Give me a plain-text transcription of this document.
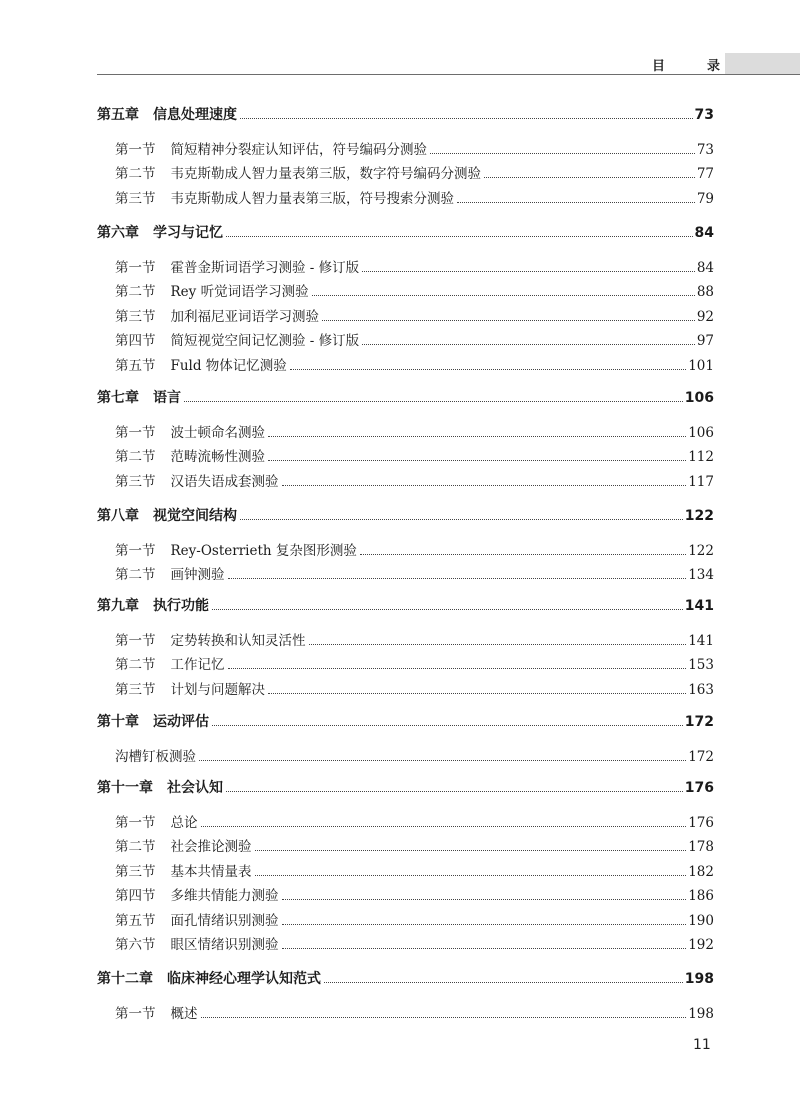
目	录
第五章 信息处理速度	73
第一节 简短精神分裂症认知评估，符号编码分测验	73
第二节 韦克斯勒成人智力量表第三版，数字符号编码分测验	77
第三节 韦克斯勒成人智力量表第三版，符号搜索分测验	79
第六章 学习与记忆	84
第一节 霍普金斯词语学习测验 - 修订版	84
第二节 Rey 听觉词语学习测验	88
第三节 加利福尼亚词语学习测验	92
第四节 简短视觉空间记忆测验 - 修订版	97
第五节 Fuld 物体记忆测验	101
第七章 语言	106
第一节 波士顿命名测验	106
第二节 范畴流畅性测验	112
第三节 汉语失语成套测验	117
第八章 视觉空间结构	122
第一节 Rey-Osterrieth 复杂图形测验	122
第二节 画钟测验	134
第九章 执行功能	141
第一节 定势转换和认知灵活性	141
第二节 工作记忆	153
第三节 计划与问题解决	163
第十章 运动评估	172
沟槽钉板测验	172
第十一章 社会认知	176
第一节 总论	176
第二节 社会推论测验	178
第三节 基本共情量表	182
第四节 多维共情能力测验	186
第五节 面孔情绪识别测验	190
第六节 眼区情绪识别测验	192
第十二章 临床神经心理学认知范式	198
第一节 概述	198
11
